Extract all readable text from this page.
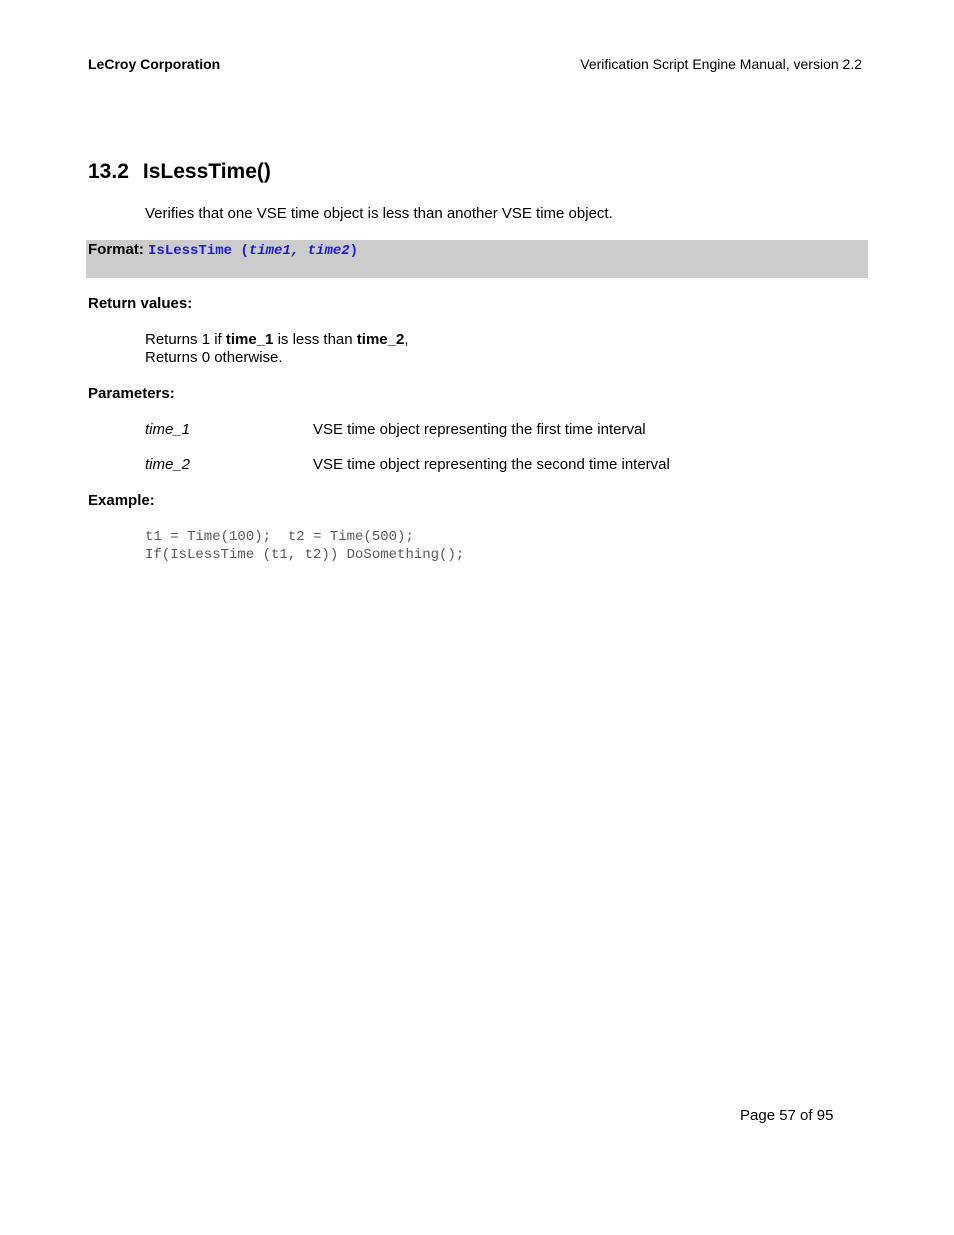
LeCroy Corporation	Verification Script Engine Manual, version 2.2
13.2 IsLessTime()
Verifies that one VSE time object is less than another VSE time object.
Format: IsLessTime (time1, time2)
Return values:
Returns 1 if time_1 is less than time_2,
Returns 0 otherwise.
Parameters:
time_1	VSE time object representing the first time interval
time_2	VSE time object representing the second time interval
Example:
t1 = Time(100);  t2 = Time(500);
If(IsLessTime (t1, t2)) DoSomething();
Page 57 of 95
